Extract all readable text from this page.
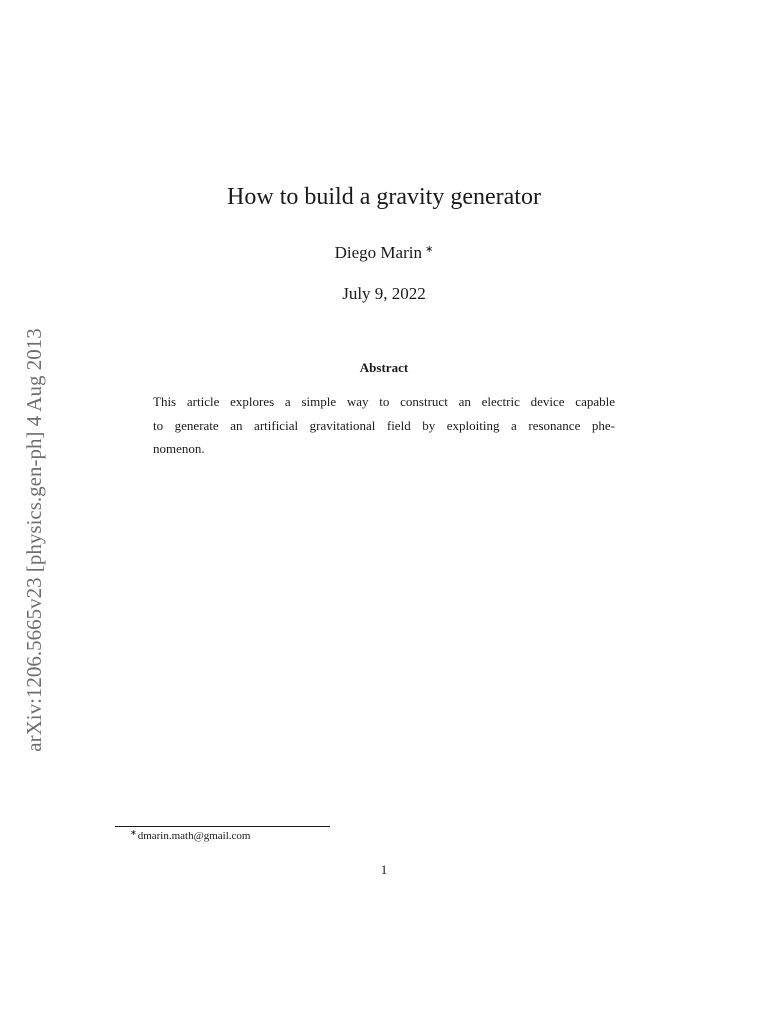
arXiv:1206.5665v23 [physics.gen-ph] 4 Aug 2013
How to build a gravity generator
Diego Marin ∗
July 9, 2022
Abstract
This article explores a simple way to construct an electric device capable
to generate an artificial gravitational field by exploiting a resonance phe-
nomenon.
∗dmarin.math@gmail.com
1
